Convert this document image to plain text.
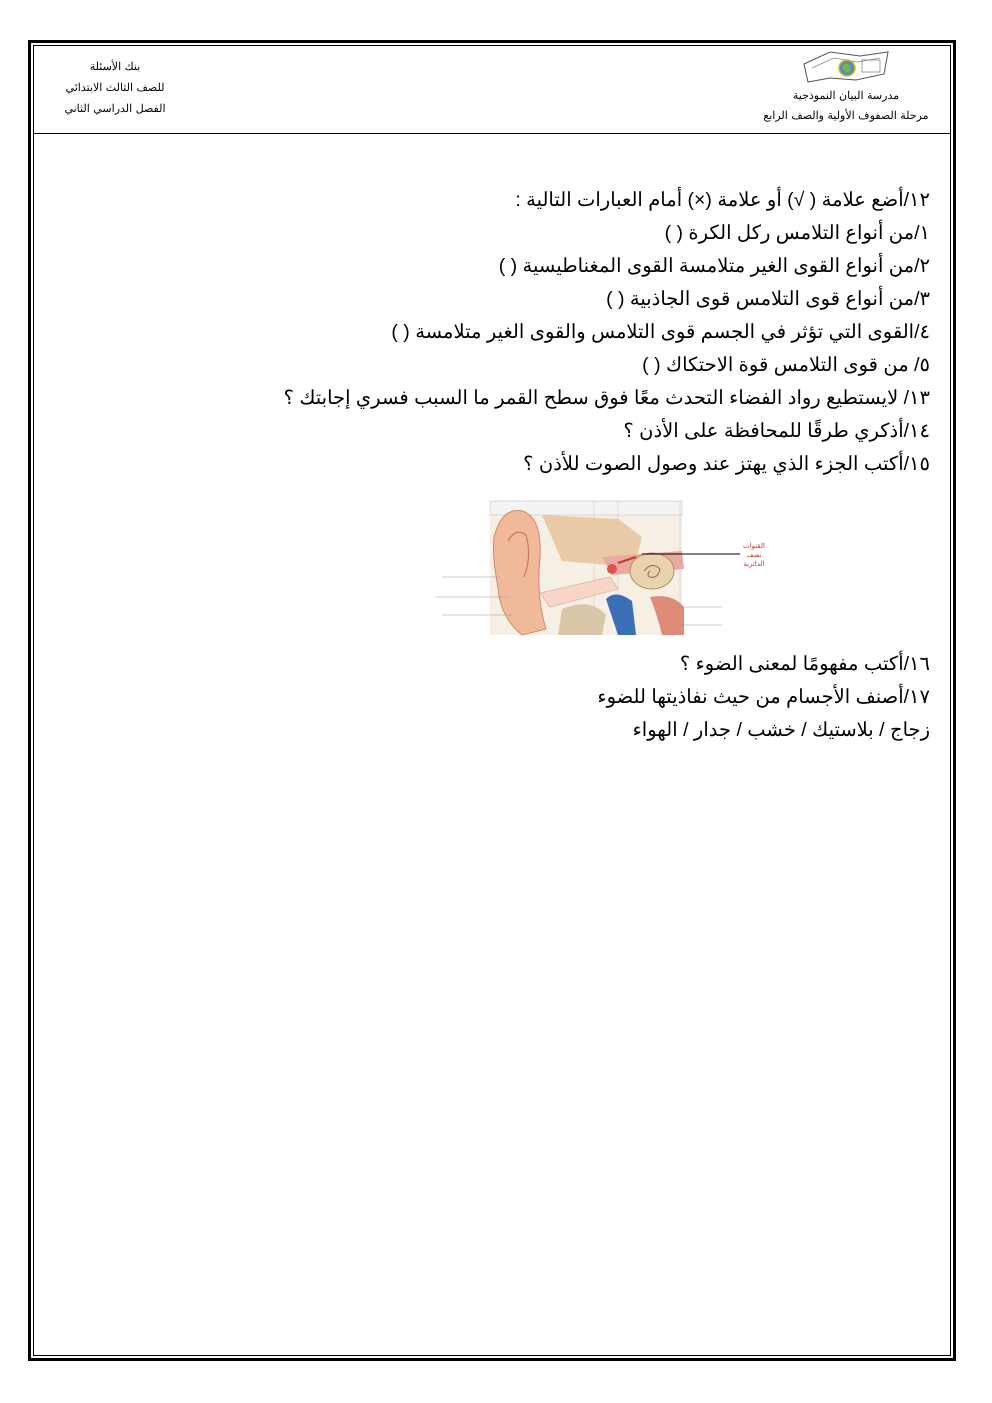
بنك الأسئلة
للصف الثالث الابتدائي
الفصل الدراسي الثاني
مدرسة البيان النموذجية
مرحلة الصفوف الأولية والصف الرابع
١٢/أضع علامة ( √) أو علامة (×) أمام العبارات التالية :
١/من أنواع التلامس ركل الكرة ( )
٢/من أنواع القوى الغير متلامسة القوى المغناطيسية ( )
٣/من أنواع قوى التلامس قوى الجاذبية ( )
٤/القوى التي تؤثر في الجسم قوى التلامس والقوى الغير متلامسة ( )
٥/ من قوى التلامس قوة الاحتكاك ( )
١٣/ لايستطيع رواد الفضاء التحدث معًا فوق سطح القمر ما السبب فسري إجابتك ؟
١٤/أذكري طرقًا للمحافظة على الأذن ؟
١٥/أكتب الجزء الذي يهتز عند وصول الصوت للأذن ؟
القنوات
نصف
الدائرية
١٦/أكتب مفهومًا لمعنى الضوء ؟
١٧/أصنف الأجسام من حيث نفاذيتها للضوء
زجاج / بلاستيك / خشب / جدار / الهواء
